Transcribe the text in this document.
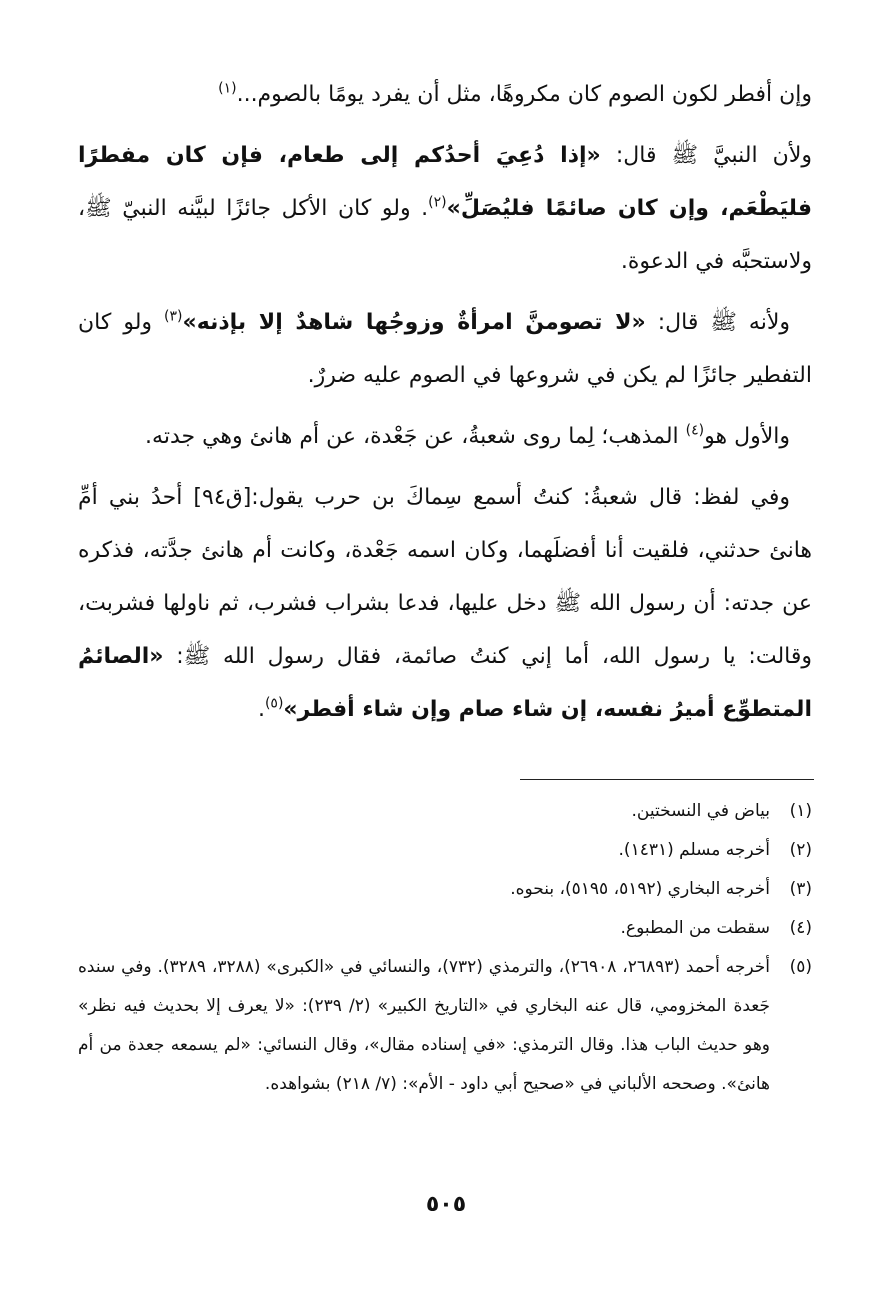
وإن أفطر لكون الصوم كان مكروهًا، مثل أن يفرد يومًا بالصوم...$^{(١)}$

ولأن النبيَّ ﷺ قال: «إذا دُعِيَ أحدُكم إلى طعام، فإن كان مفطرًا فليَطْعَم، وإن كان صائمًا فليُصَلِّ»$^{(٢)}$. ولو كان الأكل جائزًا لبيَّنه النبيّ ﷺ، ولاستحبَّه في الدعوة.

ولأنه ﷺ قال: «لا تصومنَّ امرأةٌ وزوجُها شاهدٌ إلا بإذنه»$^{(٣)}$ ولو كان التفطير جائزًا لم يكن في شروعها في الصوم عليه ضررٌ.

والأول هو$^{(٤)}$ المذهب؛ لِما روى شعبةُ، عن جَعْدة، عن أم هانئ وهي جدته.

وفي لفظ: قال شعبةُ: كنتُ أسمع سِماكَ بن حرب يقول:[ق٩٤] أحدُ بني أمِّ هانئ حدثني، فلقيت أنا أفضلَهما، وكان اسمه جَعْدة، وكانت أم هانئ جدَّته، فذكره عن جدته: أن رسول الله ﷺ دخل عليها، فدعا بشراب فشرب، ثم ناولها فشربت، وقالت: يا رسول الله، أما إني كنتُ صائمة، فقال رسول الله ﷺ: «الصائمُ المتطوِّع أميرُ نفسه، إن شاء صام وإن شاء أفطر»$^{(٥)}$.

(١)
بياض في النسختين.
(٢)
أخرجه مسلم (١٤٣١).
(٣)
أخرجه البخاري (٥١٩٢، ٥١٩٥)، بنحوه.
(٤)
سقطت من المطبوع.
(٥)
أخرجه أحمد (٢٦٨٩٣، ٢٦٩٠٨)، والترمذي (٧٣٢)، والنسائي في «الكبرى» (٣٢٨٨، ٣٢٨٩). وفي سنده جَعدة المخزومي، قال عنه البخاري في «التاريخ الكبير» (٢/ ٢٣٩): «لا يعرف إلا بحديث فيه نظر» وهو حديث الباب هذا. وقال الترمذي: «في إسناده مقال»، وقال النسائي: «لم يسمعه جعدة من أم هانئ». وصححه الألباني في «صحيح أبي داود - الأم»: (٧/ ٢١٨) بشواهده.
٥٠٥
